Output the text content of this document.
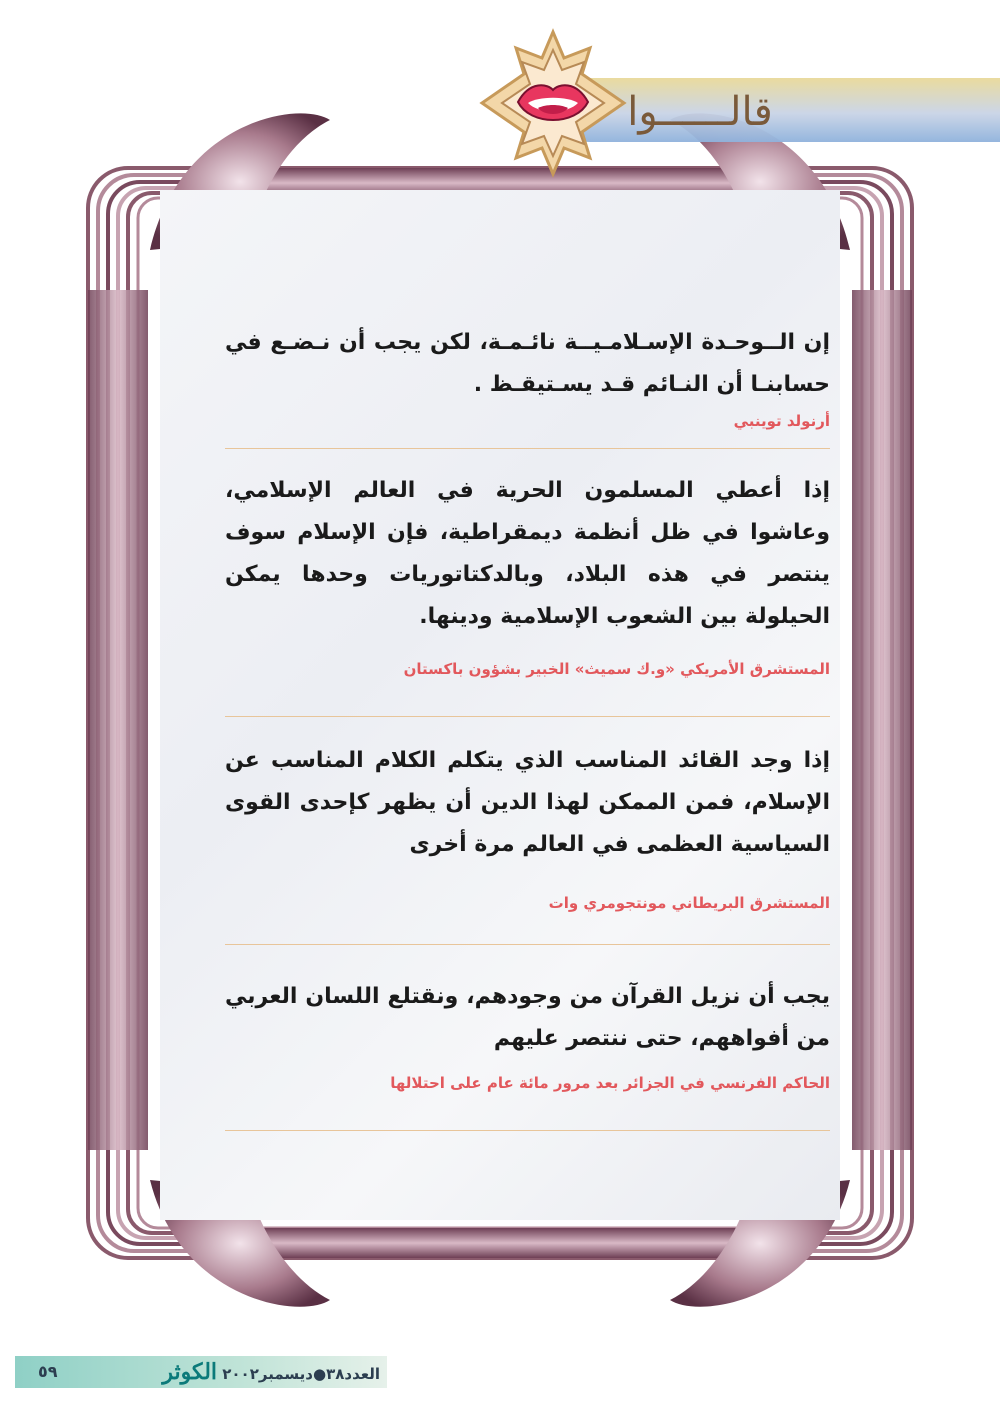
قالــــــوا

إن الــوحـدة الإسـلامـيــة نائـمـة، لكن يجب أن نـضـع في حسابنـا أن النـائم قـد يسـتيقـظ .

أرنولد توينبي

إذا أعطي المسلمون الحرية في العالم الإسلامي، وعاشوا في ظل أنظمة ديمقراطية، فإن الإسلام سوف ينتصر في هذه البلاد، وبالدكتاتوريات وحدها يمكن الحيلولة بين الشعوب الإسلامية ودينها.

المستشرق الأمريكي «و.ك سميث» الخبير بشؤون باكستان

إذا وجد القائد المناسب الذي يتكلم الكلام المناسب عن الإسلام، فمن الممكن لهذا الدين أن يظهر كإحدى القوى السياسية العظمى في العالم مرة أخرى

المستشرق البريطاني مونتجومري وات

يجب أن نزيل القرآن من وجودهم، ونقتلع اللسان العربي من أفواههم، حتى ننتصر عليهم

الحاكم الفرنسي في الجزائر بعد مرور مائة عام على احتلالها

العدد٣٨●ديسمبر٢٠٠٢ الكوثر
٥٩
